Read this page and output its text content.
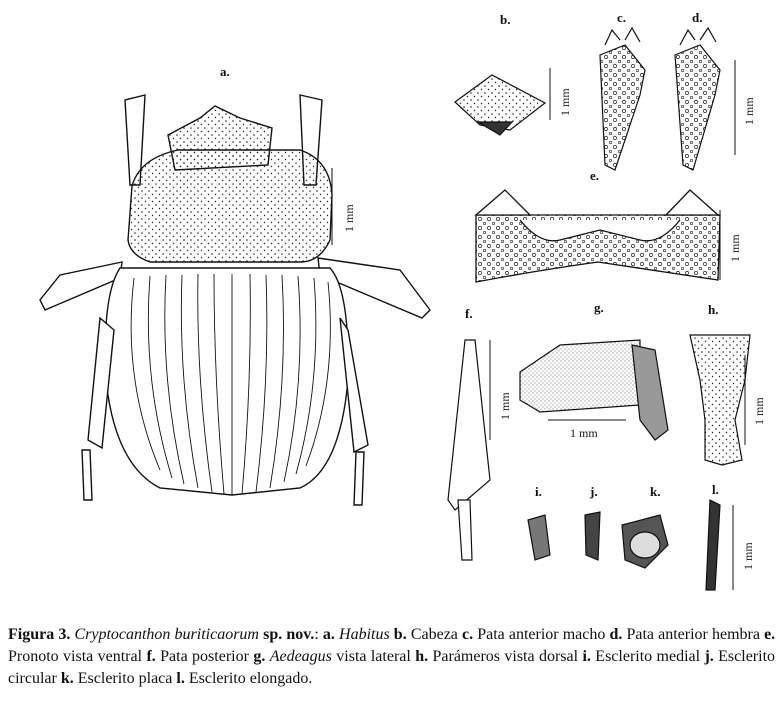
a.
b.	c.	d.
e.
f.	g.	h.
i.	j.	k.	l.
1 mm
1 mm	1 mm
1 mm
1 mm
1 mm
1 mm
1 mm
Figura 3. Cryptocanthon buriticaorum sp. nov.: a. Habitus b. Cabeza c. Pata anterior macho d. Pata anterior hembra e. Pronoto vista ventral f. Pata posterior g. Aedeagus vista lateral h. Parámeros vista dorsal i. Esclerito medial j. Esclerito circular k. Esclerito placa l. Esclerito elongado.
